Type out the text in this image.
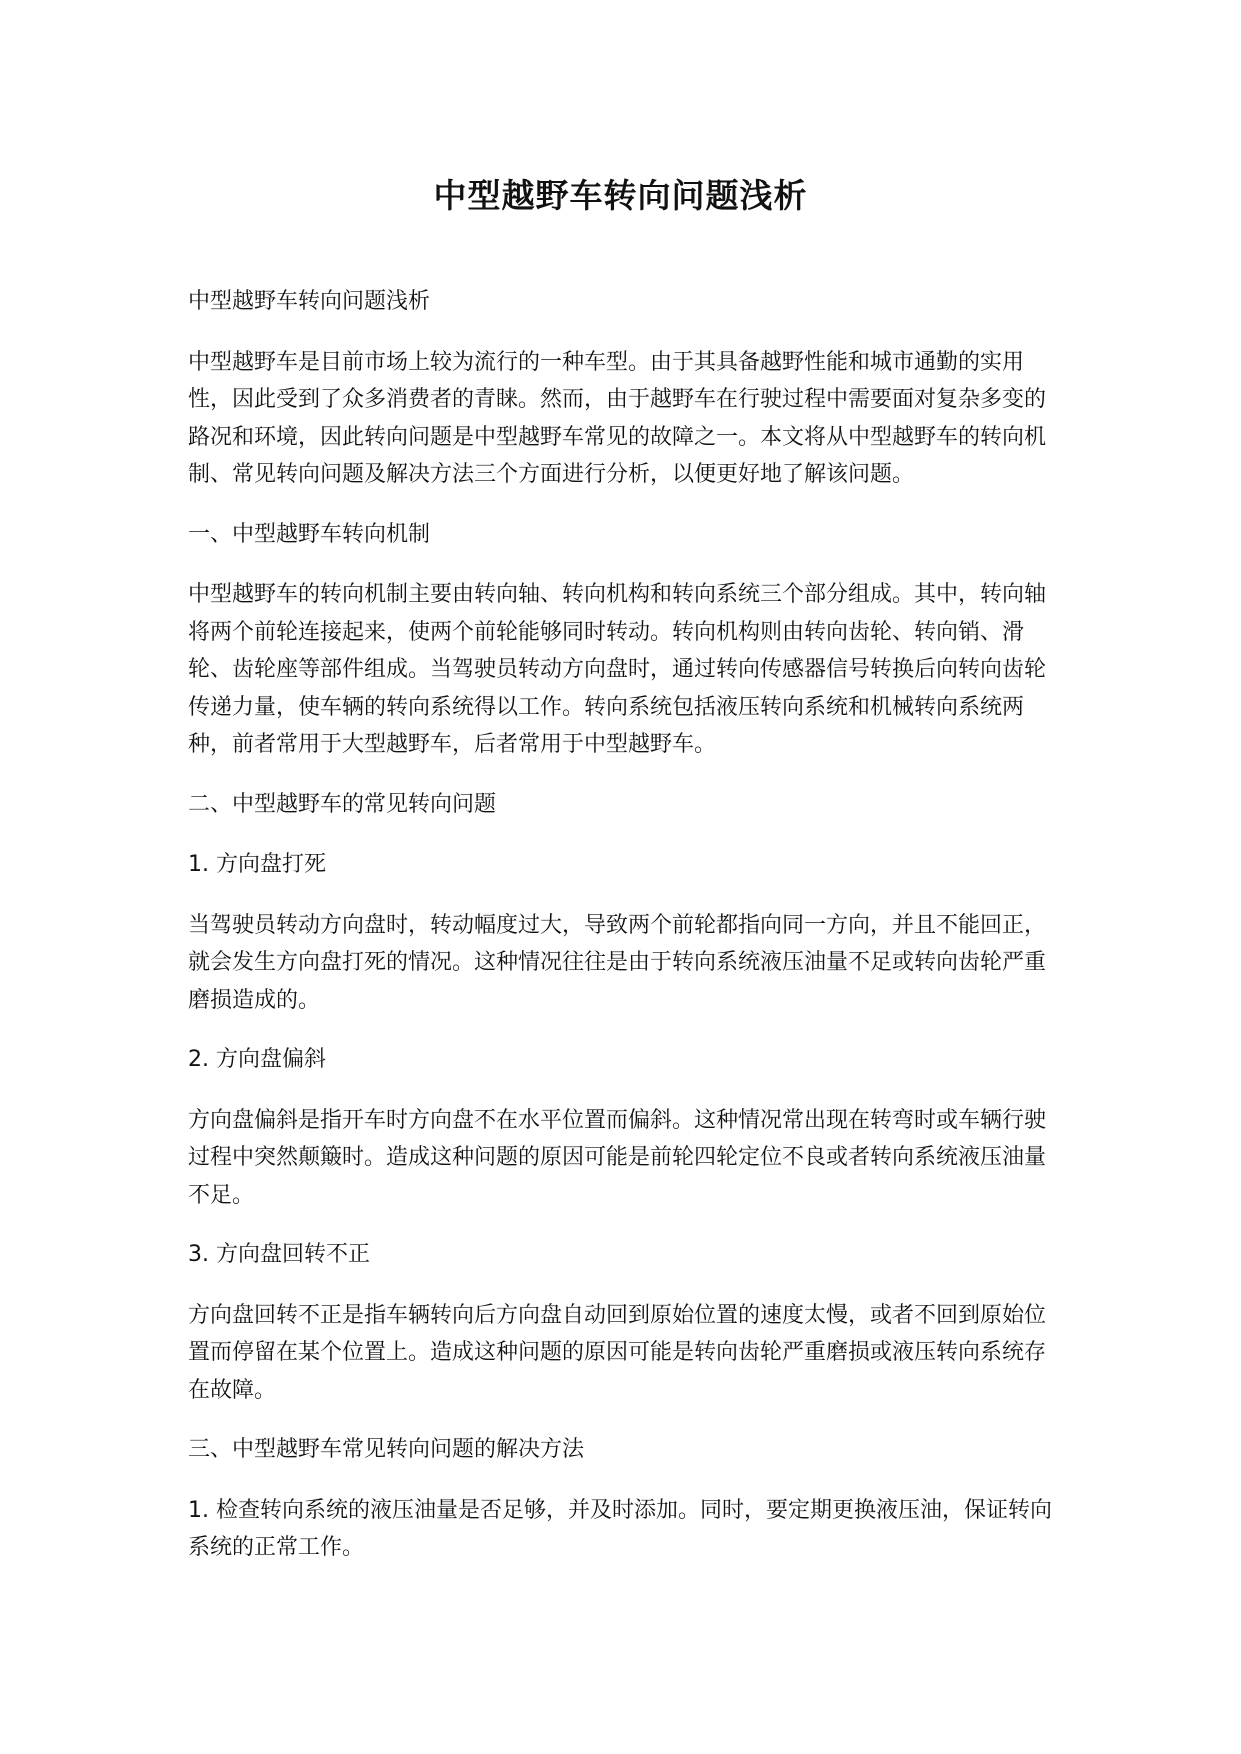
中型越野车转向问题浅析

中型越野车转向问题浅析

中型越野车是目前市场上较为流行的一种车型。由于其具备越野性能和城市通勤的实用性，因此受到了众多消费者的青睐。然而，由于越野车在行驶过程中需要面对复杂多变的路况和环境，因此转向问题是中型越野车常见的故障之一。本文将从中型越野车的转向机制、常见转向问题及解决方法三个方面进行分析，以便更好地了解该问题。

一、中型越野车转向机制

中型越野车的转向机制主要由转向轴、转向机构和转向系统三个部分组成。其中，转向轴将两个前轮连接起来，使两个前轮能够同时转动。转向机构则由转向齿轮、转向销、滑轮、齿轮座等部件组成。当驾驶员转动方向盘时，通过转向传感器信号转换后向转向齿轮传递力量，使车辆的转向系统得以工作。转向系统包括液压转向系统和机械转向系统两种，前者常用于大型越野车，后者常用于中型越野车。

二、中型越野车的常见转向问题

1. 方向盘打死

当驾驶员转动方向盘时，转动幅度过大，导致两个前轮都指向同一方向，并且不能回正，就会发生方向盘打死的情况。这种情况往往是由于转向系统液压油量不足或转向齿轮严重磨损造成的。

2. 方向盘偏斜

方向盘偏斜是指开车时方向盘不在水平位置而偏斜。这种情况常出现在转弯时或车辆行驶过程中突然颠簸时。造成这种问题的原因可能是前轮四轮定位不良或者转向系统液压油量不足。

3. 方向盘回转不正

方向盘回转不正是指车辆转向后方向盘自动回到原始位置的速度太慢，或者不回到原始位置而停留在某个位置上。造成这种问题的原因可能是转向齿轮严重磨损或液压转向系统存在故障。

三、中型越野车常见转向问题的解决方法

1. 检查转向系统的液压油量是否足够，并及时添加。同时，要定期更换液压油，保证转向系统的正常工作。
